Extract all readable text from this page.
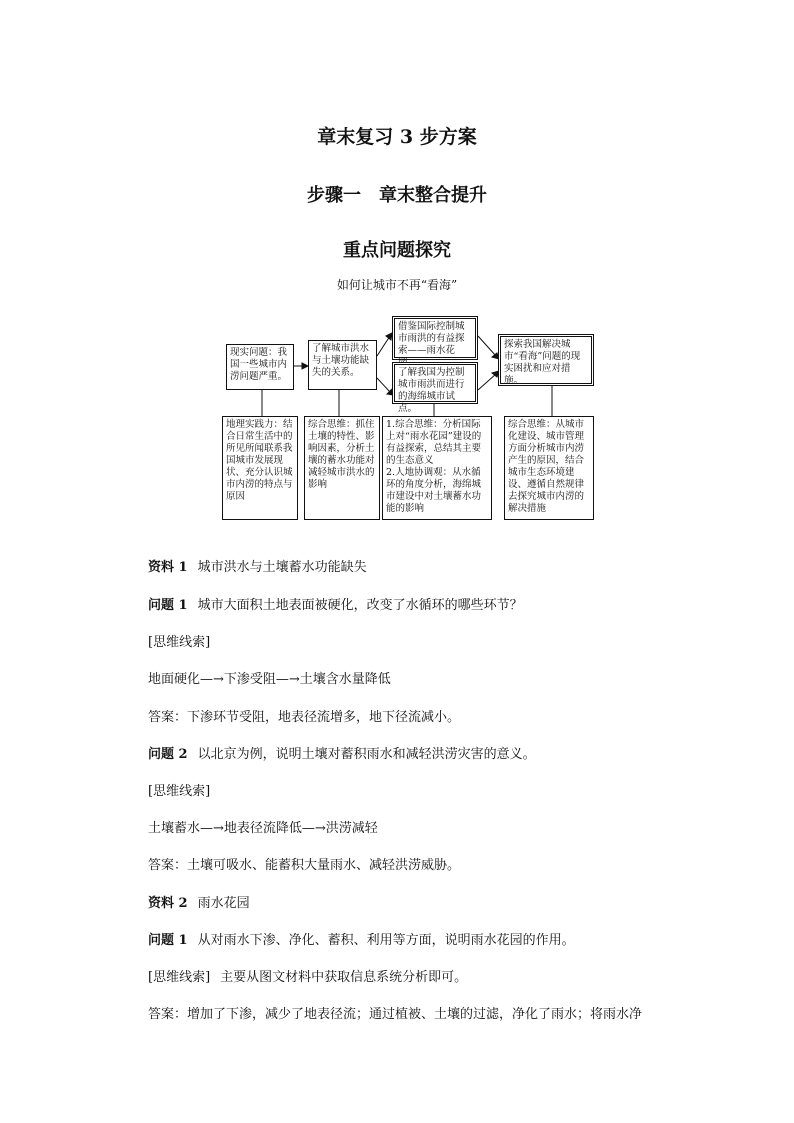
章末复习 3 步方案
步骤一　章末整合提升
重点问题探究
如何让城市不再“看海”
现实问题：我国一些城市内涝问题严重。
了解城市洪水与土壤功能缺失的关系。
借鉴国际控制城市雨洪的有益探索——雨水花
了解我国为控制城市雨洪而进行的海绵城市试点。
探索我国解决城市“看海”问题的现实困扰和应对措施。
地理实践力：结合日常生活中的所见所闻联系我国城市发展现状、充分认识城市内涝的特点与原因
综合思维：抓住土壤的特性、影响因素，分析土壤的蓄水功能对减轻城市洪水的影响
1.综合思维：分析国际上对“雨水花园”建设的有益探索，总结其主要的生态意义
2.人地协调观：从水循环的角度分析，海绵城市建设中对土壤蓄水功能的影响
综合思维：从城市化建设、城市管理方面分析城市内涝产生的原因，结合城市生态环境建设、遵循自然规律去探究城市内涝的解决措施
资料 1 城市洪水与土壤蓄水功能缺失
问题 1 城市大面积土地表面被硬化，改变了水循环的哪些环节？
[思维线索]
地面硬化—→下渗受阻—→土壤含水量降低
答案：下渗环节受阻，地表径流增多，地下径流减小。
问题 2 以北京为例，说明土壤对蓄积雨水和减轻洪涝灾害的意义。
[思维线索]
土壤蓄水—→地表径流降低—→洪涝减轻
答案：土壤可吸水、能蓄积大量雨水、减轻洪涝威胁。
资料 2 雨水花园
问题 1 从对雨水下渗、净化、蓄积、利用等方面，说明雨水花园的作用。
[思维线索] 主要从图文材料中获取信息系统分析即可。
答案：增加了下渗，减少了地表径流；通过植被、土壤的过滤，净化了雨水；将雨水净
